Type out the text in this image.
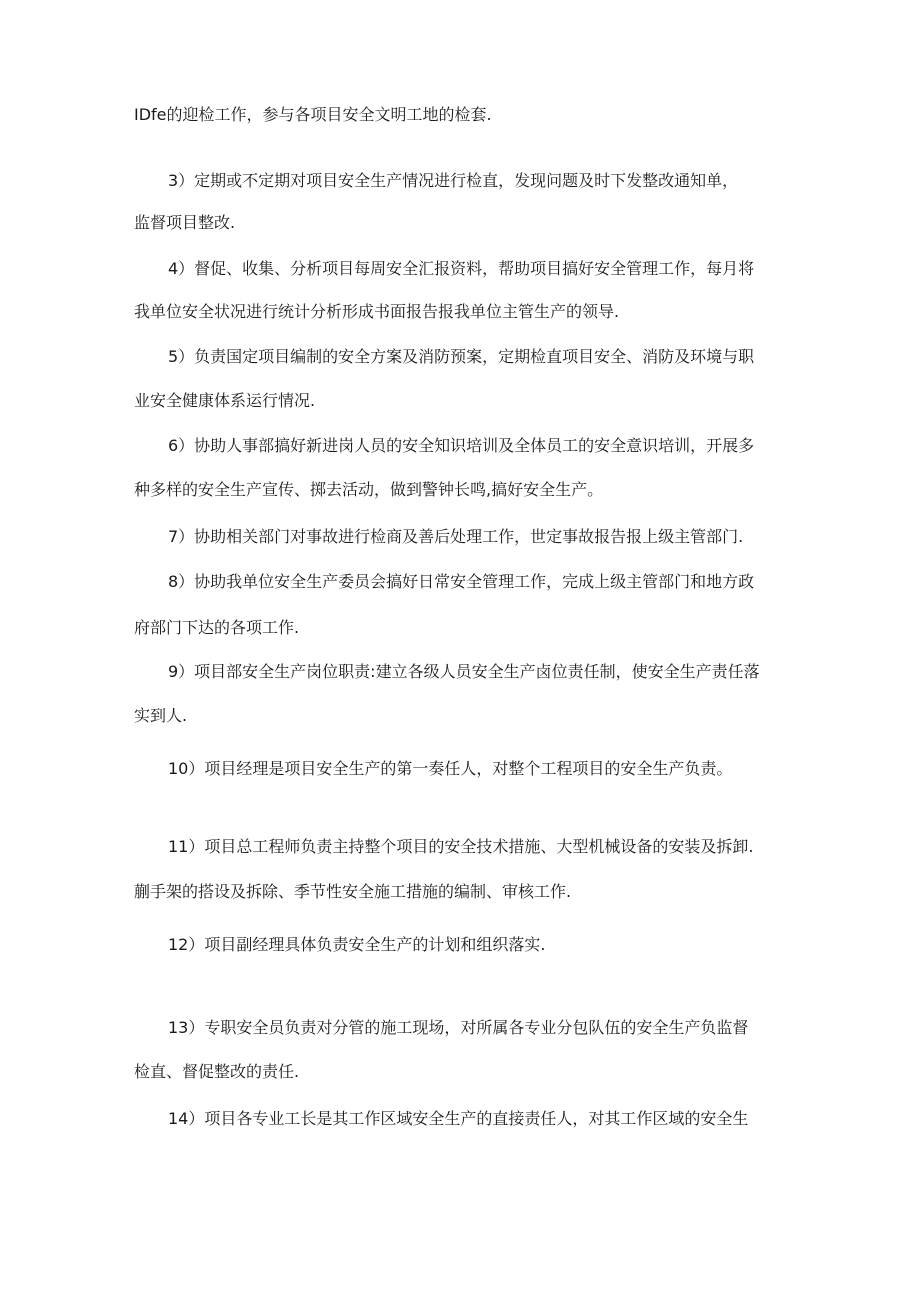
IDfe的迎检工作，参与各项目安全文明工地的检套.
3）定期或不定期对项目安全生产情况进行检直，发现问题及时下发整改通知单，
监督项目整改.
4）督促、收集、分析项目每周安全汇报资料，帮助项目搞好安全管理工作，每月将
我单位安全状况进行统计分析形成书面报告报我单位主管生产的领导.
5）负责国定项目编制的安全方案及消防预案，定期检直项目安全、消防及环境与职
业安全健康体系运行情况.
6）协助人事部搞好新进岗人员的安全知识培训及全体员工的安全意识培训，开展多
种多样的安全生产宣传、掷去活动，做到警钟长鸣,搞好安全生产。
7）协助相关部门对事故进行检商及善后处理工作，世定事故报告报上级主管部门.
8）协助我单位安全生产委员会搞好日常安全管理工作，完成上级主管部门和地方政
府部门下达的各项工作.
9）项目部安全生产岗位职责:建立各级人员安全生产卤位责任制，使安全生产责任落
实到人.
10）项目经理是项目安全生产的第一奏任人，对整个工程项目的安全生产负责。
11）项目总工程师负责主持整个项目的安全技术措施、大型机械设备的安装及拆卸.
蒯手架的搭设及拆除、季节性安全施工措施的编制、审核工作.
12）项目副经理具体负责安全生产的计划和组织落实.
13）专职安全员负责对分管的施工现场，对所属各专业分包队伍的安全生产负监督
检直、督促整改的责任.
14）项目各专业工长是其工作区域安全生产的直接责任人，对其工作区域的安全生
